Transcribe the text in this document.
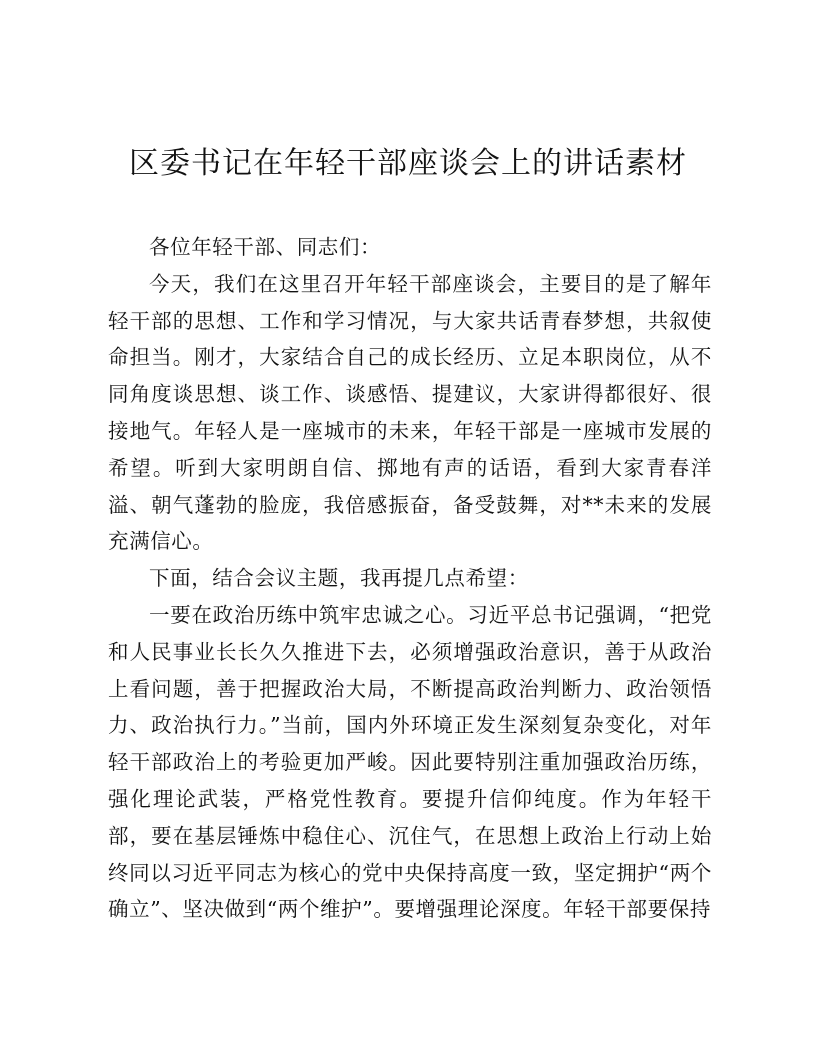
区委书记在年轻干部座谈会上的讲话素材

各位年轻干部、同志们：

今天，我们在这里召开年轻干部座谈会，主要目的是了解年轻干部的思想、工作和学习情况，与大家共话青春梦想，共叙使命担当。刚才，大家结合自己的成长经历、立足本职岗位，从不同角度谈思想、谈工作、谈感悟、提建议，大家讲得都很好、很接地气。年轻人是一座城市的未来，年轻干部是一座城市发展的希望。听到大家明朗自信、掷地有声的话语，看到大家青春洋溢、朝气蓬勃的脸庞，我倍感振奋，备受鼓舞，对**未来的发展充满信心。

下面，结合会议主题，我再提几点希望：

一要在政治历练中筑牢忠诚之心。习近平总书记强调，“把党和人民事业长长久久推进下去，必须增强政治意识，善于从政治上看问题，善于把握政治大局，不断提高政治判断力、政治领悟力、政治执行力。”当前，国内外环境正发生深刻复杂变化，对年轻干部政治上的考验更加严峻。因此要特别注重加强政治历练，强化理论武装，严格党性教育。要提升信仰纯度。作为年轻干部，要在基层锤炼中稳住心、沉住气，在思想上政治上行动上始终同以习近平同志为核心的党中央保持高度一致，坚定拥护“两个确立”、坚决做到“两个维护”。要增强理论深度。年轻干部要保持
